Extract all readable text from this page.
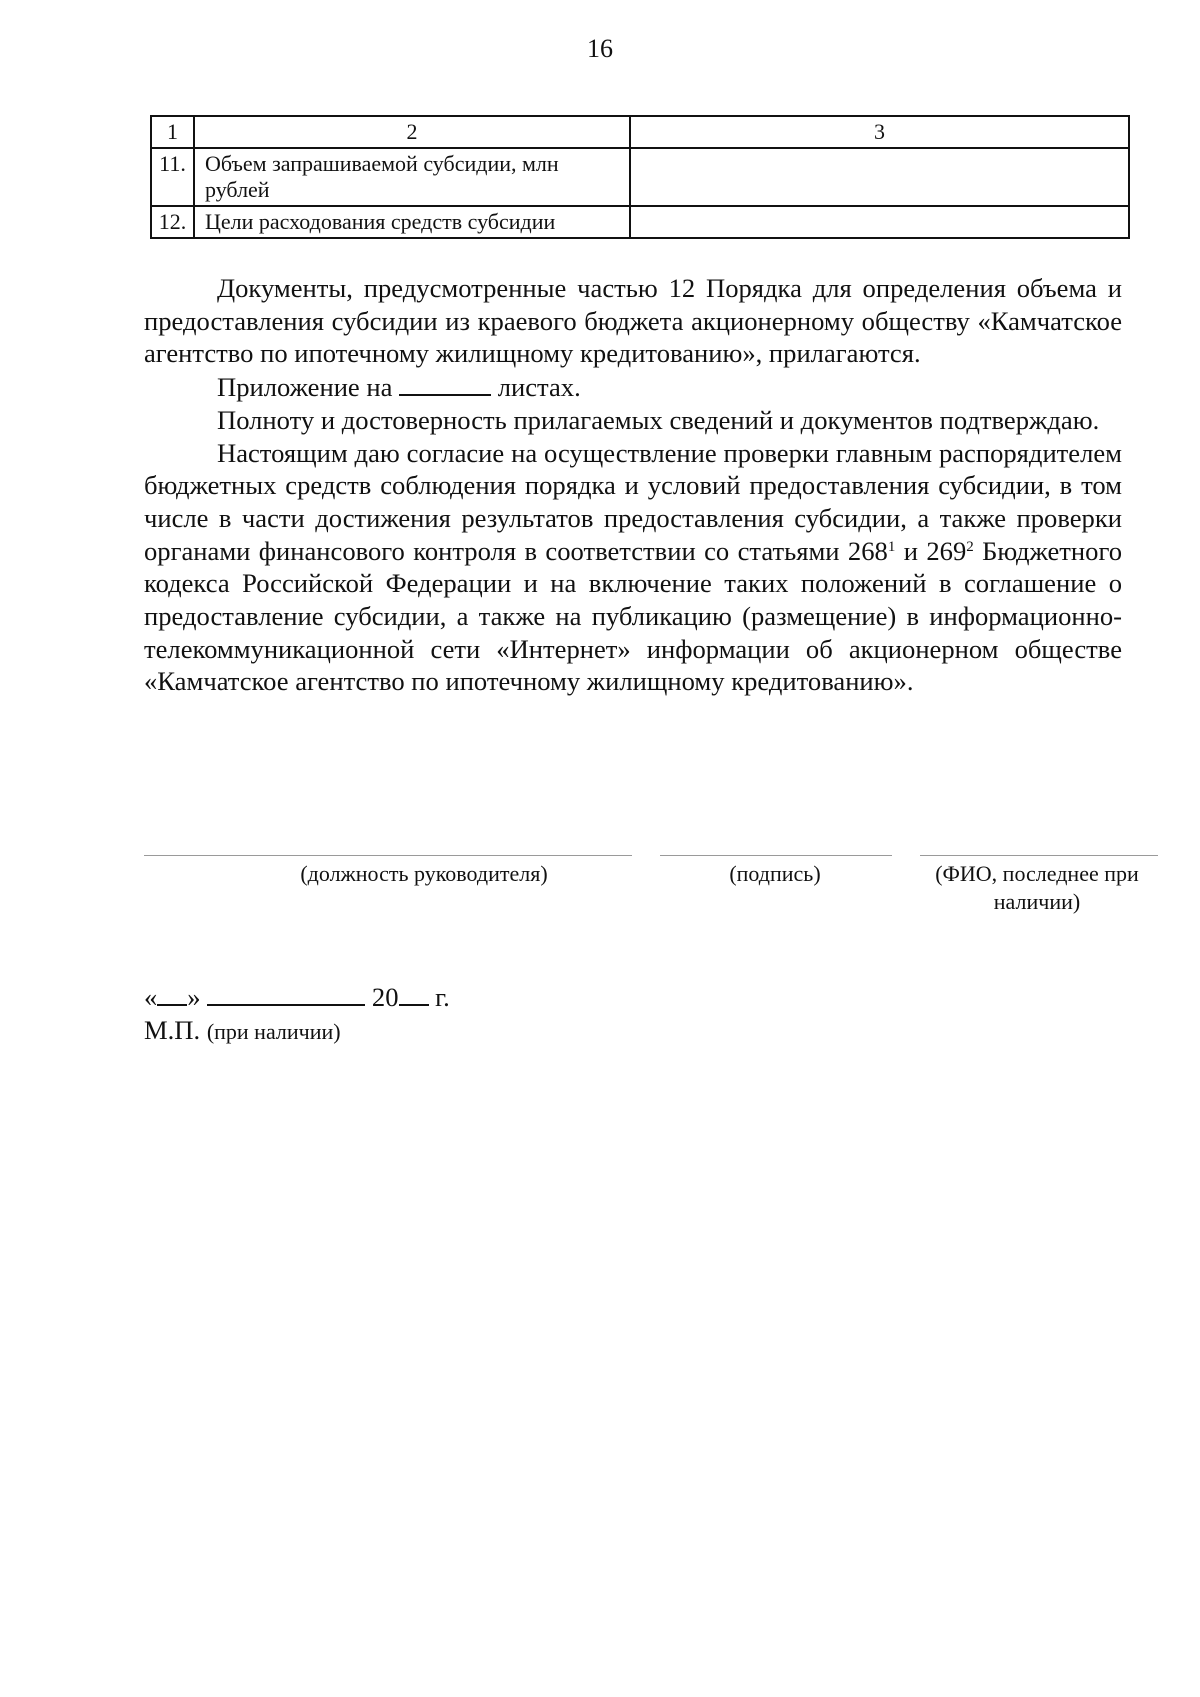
16
1	2	3
11.	Объем запрашиваемой субсидии, млн рублей	
12.	Цели расходования средств субсидии	

Документы, предусмотренные частью 12 Порядка для определения объема и предоставления субсидии из краевого бюджета акционерному обществу «Камчатское агентство по ипотечному жилищному кредитованию», прилагаются.

Приложение на	листах.

Полноту и достоверность прилагаемых сведений и документов подтверждаю.

Настоящим даю согласие на осуществление проверки главным распорядителем бюджетных средств соблюдения порядка и условий предоставления субсидии, в том числе в части достижения результатов предоставления субсидии, а также проверки органами финансового контроля в соответствии со статьями $268^1$ и $269^2$ Бюджетного кодекса Российской Федерации и на включение таких положений в соглашение о предоставление субсидии, а также на публикацию (размещение) в информационно-телекоммуникационной сети «Интернет» информации об акционерном обществе «Камчатское агентство по ипотечному жилищному кредитованию».

(должность руководителя)	(подпись)	(ФИО, последнее при наличии)
« »	20 г.
М.П. (при наличии)
